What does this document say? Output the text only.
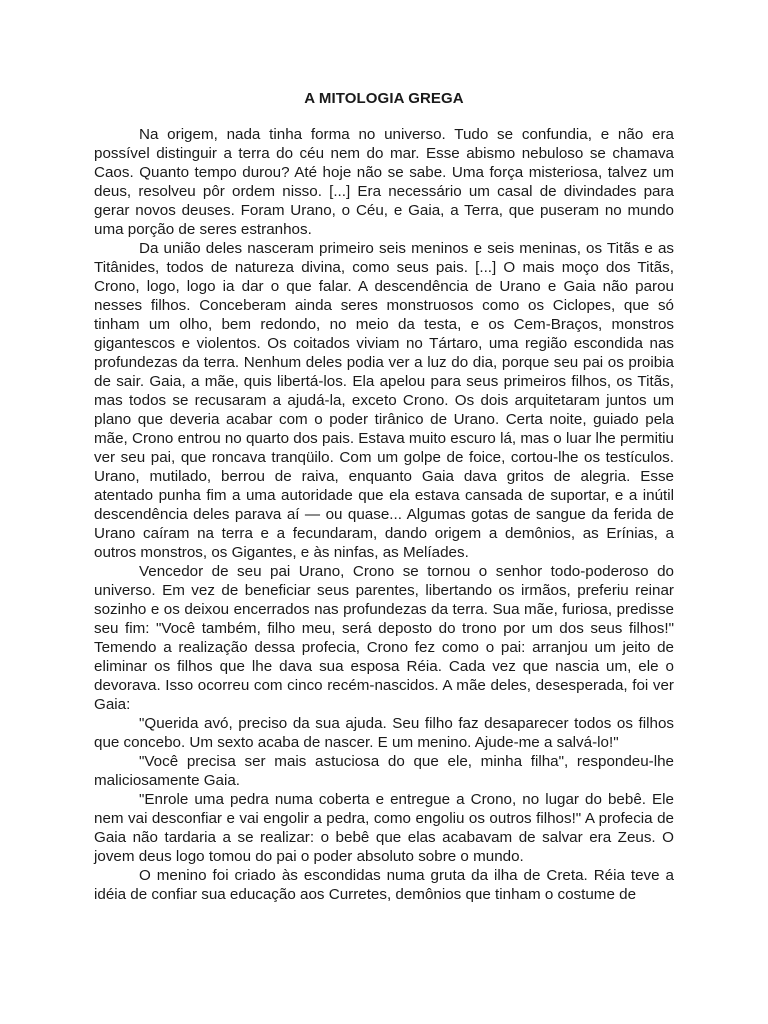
A MITOLOGIA GREGA

Na origem, nada tinha forma no universo. Tudo se confundia, e não era possível distinguir a terra do céu nem do mar. Esse abismo nebuloso se chamava Caos. Quanto tempo durou? Até hoje não se sabe. Uma força misteriosa, talvez um deus, resolveu pôr ordem nisso. [...] Era necessário um casal de divindades para gerar novos deuses. Foram Urano, o Céu, e Gaia, a Terra, que puseram no mundo uma porção de seres estranhos.

Da união deles nasceram primeiro seis meninos e seis meninas, os Titãs e as Titânides, todos de natureza divina, como seus pais. [...] O mais moço dos Titãs, Crono, logo, logo ia dar o que falar. A descendência de Urano e Gaia não parou nesses filhos. Conceberam ainda seres monstruosos como os Ciclopes, que só tinham um olho, bem redondo, no meio da testa, e os Cem-Braços, monstros gigantescos e violentos. Os coitados viviam no Tártaro, uma região escondida nas profundezas da terra. Nenhum deles podia ver a luz do dia, porque seu pai os proibia de sair. Gaia, a mãe, quis libertá-los. Ela apelou para seus primeiros filhos, os Titãs, mas todos se recusaram a ajudá-la, exceto Crono. Os dois arquitetaram juntos um plano que deveria acabar com o poder tirânico de Urano. Certa noite, guiado pela mãe, Crono entrou no quarto dos pais. Estava muito escuro lá, mas o luar lhe permitiu ver seu pai, que roncava tranqüilo. Com um golpe de foice, cortou-lhe os testículos. Urano, mutilado, berrou de raiva, enquanto Gaia dava gritos de alegria. Esse atentado punha fim a uma autoridade que ela estava cansada de suportar, e a inútil descendência deles parava aí — ou quase... Algumas gotas de sangue da ferida de Urano caíram na terra e a fecundaram, dando origem a demônios, as Erínias, a outros monstros, os Gigantes, e às ninfas, as Melíades.

Vencedor de seu pai Urano, Crono se tornou o senhor todo-poderoso do universo. Em vez de beneficiar seus parentes, libertando os irmãos, preferiu reinar sozinho e os deixou encerrados nas profundezas da terra. Sua mãe, furiosa, predisse seu fim: "Você também, filho meu, será deposto do trono por um dos seus filhos!" Temendo a realização dessa profecia, Crono fez como o pai: arranjou um jeito de eliminar os filhos que lhe dava sua esposa Réia. Cada vez que nascia um, ele o devorava. Isso ocorreu com cinco recém-nascidos. A mãe deles, desesperada, foi ver Gaia:

"Querida avó, preciso da sua ajuda. Seu filho faz desaparecer todos os filhos que concebo. Um sexto acaba de nascer. E um menino. Ajude-me a salvá-lo!"

"Você precisa ser mais astuciosa do que ele, minha filha", respondeu-lhe maliciosamente Gaia.

"Enrole uma pedra numa coberta e entregue a Crono, no lugar do bebê. Ele nem vai desconfiar e vai engolir a pedra, como engoliu os outros filhos!" A profecia de Gaia não tardaria a se realizar: o bebê que elas acabavam de salvar era Zeus. O jovem deus logo tomou do pai o poder absoluto sobre o mundo.

O menino foi criado às escondidas numa gruta da ilha de Creta. Réia teve a idéia de confiar sua educação aos Curretes, demônios que tinham o costume de
